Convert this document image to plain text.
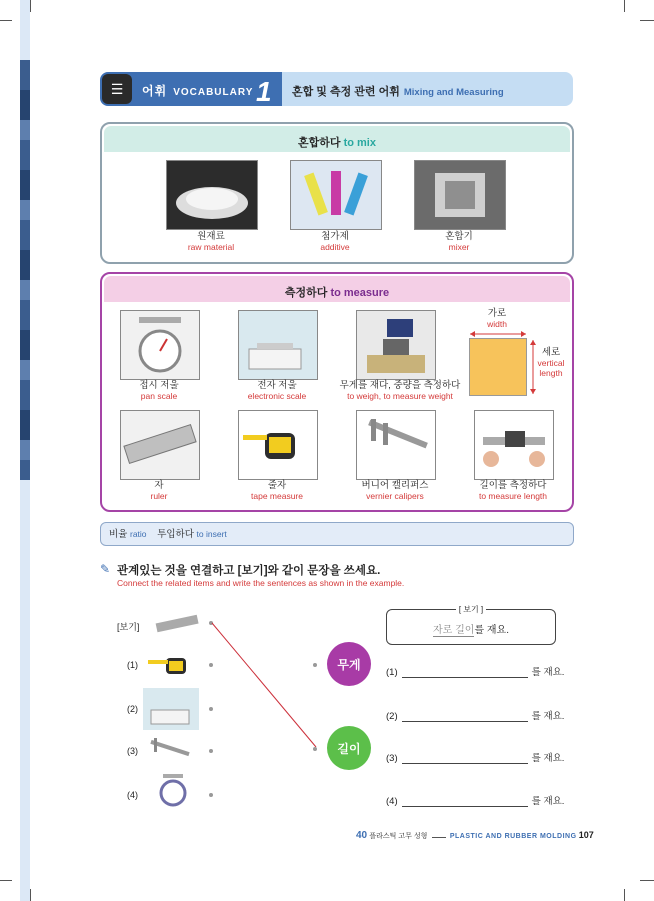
☰	어휘 VOCABULARY 1 혼합 및 측정 관련 어휘 Mixing and Measuring
혼합하다 to mix
원재료
raw material
첨가제
additive
혼합기
mixer
측정하다 to measure
가로
width
세로
vertical
length
접시 저울
pan scale
전자 저울
electronic scale
무게를 재다, 중량을 측정하다
to weigh, to measure weight
자
ruler
줄자
tape measure
버니어 캘리퍼스
vernier calipers
길이를 측정하다
to measure length
비율 ratio 투입하다 to insert
✎ 관계있는 것을 연결하고 [보기]와 같이 문장을 쓰세요.
Connect the related items and write the sentences as shown in the example.
[보기]
(1)
(2)
(3)
(4)
무게
길이
[ 보기 ]
자로 길이를 재요.
(1)	를 재요.
(2)	를 재요.
(3)	를 재요.
(4)	를 재요.
40 플라스틱 고무 성형	PLASTIC AND RUBBER MOLDING 107
